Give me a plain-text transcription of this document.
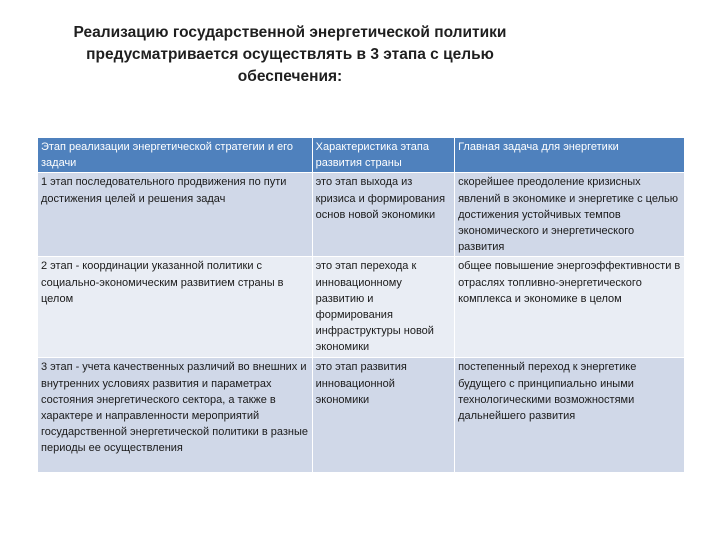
Реализацию государственной энергетической политики
предусматривается осуществлять в 3 этапа с целью
обеспечения:
Этап реализации энергетической стратегии и его задачи	Характеристика этапа развития страны	Главная задача для энергетики
1 этап последовательного продвижения по пути достижения целей и решения задач	это этап выхода из кризиса и формирования основ новой экономики	скорейшее преодоление кризисных явлений в экономике и энергетике с целью достижения устойчивых темпов экономического и энергетического развития
2 этап - координации указанной политики с социально-экономическим развитием страны в целом	это этап перехода к инновационному развитию и формирования инфраструктуры новой экономики	общее повышение энергоэффективности в отраслях топливно-энергетического комплекса и экономике в целом
3 этап - учета качественных различий во внешних и внутренних условиях развития и параметрах состояния энергетического сектора, а также в характере и направленности мероприятий государственной энергетической политики в разные периоды ее осуществления	это этап развития инновационной экономики	постепенный переход к энергетике будущего с принципиально иными технологическими возможностями дальнейшего развития
